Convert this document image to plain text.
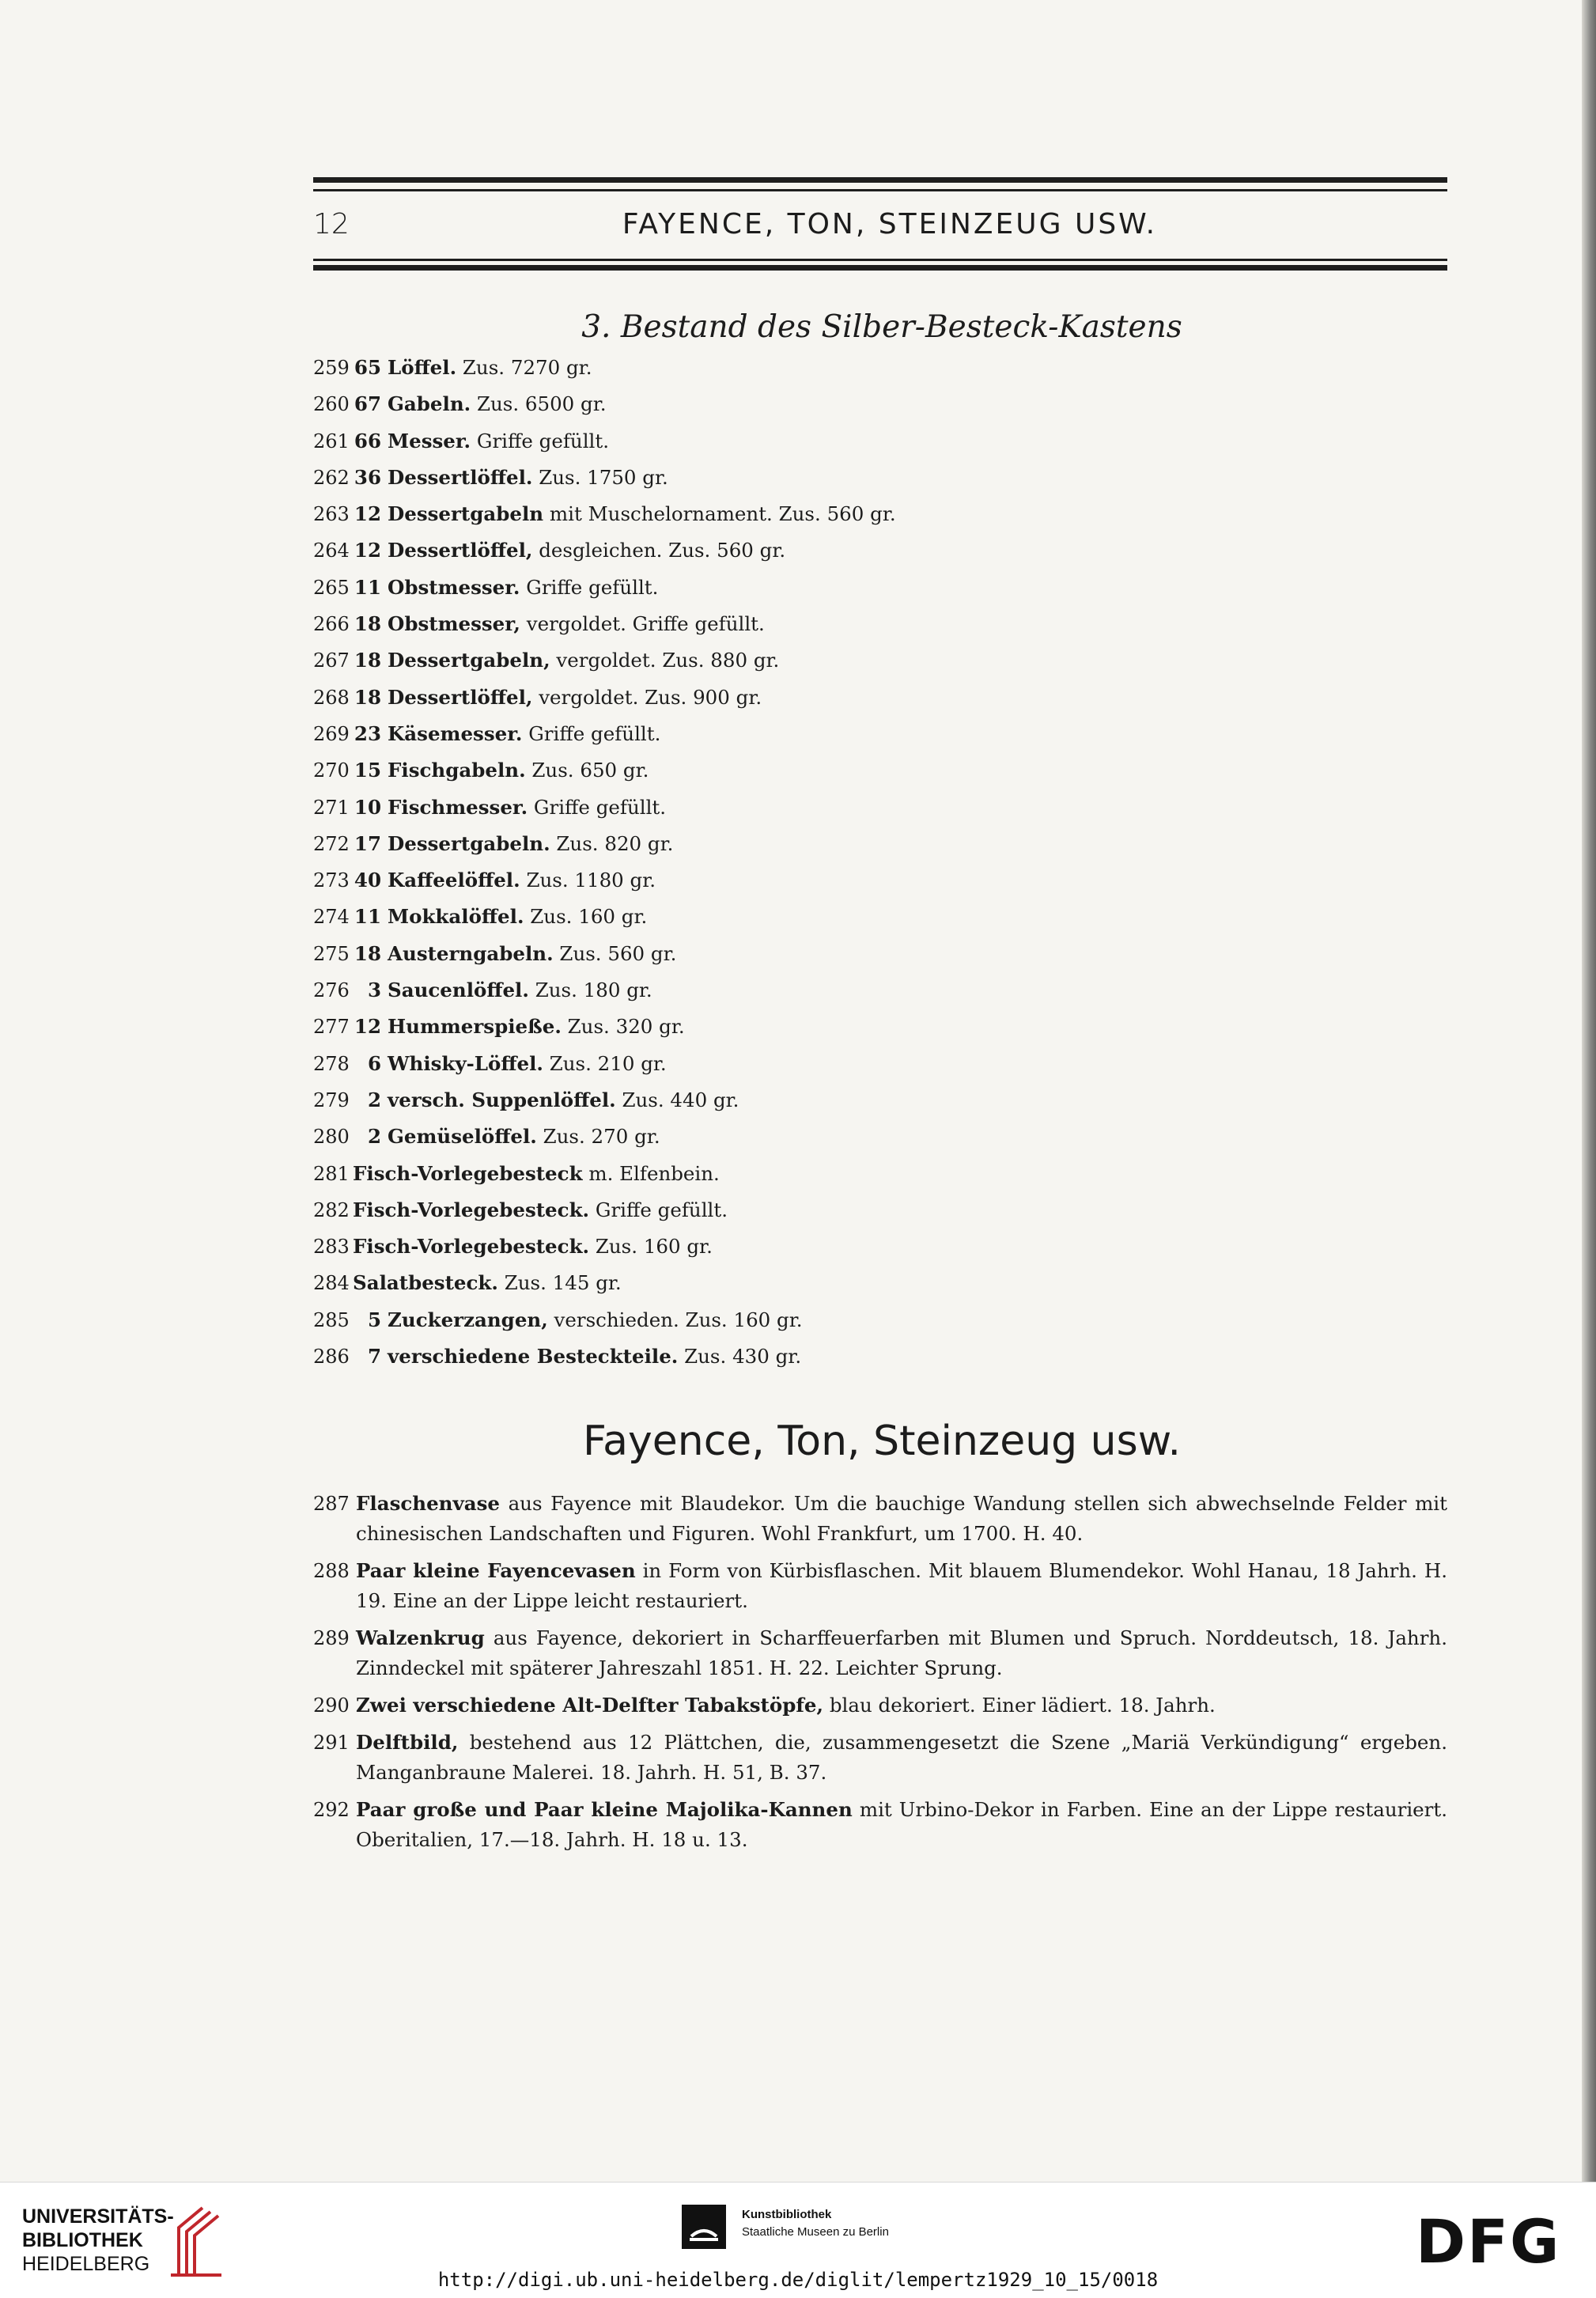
12	FAYENCE, TON, STEINZEUG USW.
3. Bestand des Silber-Besteck-Kastens
259 65 Löffel. Zus. 7270 gr.
260 67 Gabeln. Zus. 6500 gr.
261 66 Messer. Griffe gefüllt.
262 36 Dessertlöffel. Zus. 1750 gr.
263 12 Dessertgabeln mit Muschelornament. Zus. 560 gr.
264 12 Dessertlöffel, desgleichen. Zus. 560 gr.
265 11 Obstmesser. Griffe gefüllt.
266 18 Obstmesser, vergoldet. Griffe gefüllt.
267 18 Dessertgabeln, vergoldet. Zus. 880 gr.
268 18 Dessertlöffel, vergoldet. Zus. 900 gr.
269 23 Käsemesser. Griffe gefüllt.
270 15 Fischgabeln. Zus. 650 gr.
271 10 Fischmesser. Griffe gefüllt.
272 17 Dessertgabeln. Zus. 820 gr.
273 40 Kaffeelöffel. Zus. 1180 gr.
274 11 Mokkalöffel. Zus. 160 gr.
275 18 Austerngabeln. Zus. 560 gr.
276 3 Saucenlöffel. Zus. 180 gr.
277 12 Hummerspieße. Zus. 320 gr.
278 6 Whisky-Löffel. Zus. 210 gr.
279 2 versch. Suppenlöffel. Zus. 440 gr.
280 2 Gemüselöffel. Zus. 270 gr.
281 Fisch-Vorlegebesteck m. Elfenbein.
282 Fisch-Vorlegebesteck. Griffe gefüllt.
283 Fisch-Vorlegebesteck. Zus. 160 gr.
284 Salatbesteck. Zus. 145 gr.
285 5 Zuckerzangen, verschieden. Zus. 160 gr.
286 7 verschiedene Besteckteile. Zus. 430 gr.
Fayence, Ton, Steinzeug usw.
287 Flaschenvase aus Fayence mit Blaudekor. Um die bauchige Wandung stellen sich abwechselnde Felder mit chinesischen Landschaften und Figuren. Wohl Frankfurt, um 1700. H. 40.
288 Paar kleine Fayencevasen in Form von Kürbisflaschen. Mit blauem Blumendekor. Wohl Hanau, 18 Jahrh. H. 19. Eine an der Lippe leicht restauriert.
289 Walzenkrug aus Fayence, dekoriert in Scharffeuerfarben mit Blumen und Spruch. Norddeutsch, 18. Jahrh. Zinndeckel mit späterer Jahreszahl 1851. H. 22. Leichter Sprung.
290 Zwei verschiedene Alt-Delfter Tabakstöpfe, blau dekoriert. Einer lädiert. 18. Jahrh.
291 Delftbild, bestehend aus 12 Plättchen, die, zusammengesetzt die Szene „Mariä Verkündigung“ ergeben. Manganbraune Malerei. 18. Jahrh. H. 51, B. 37.
292 Paar große und Paar kleine Majolika-Kannen mit Urbino-Dekor in Farben. Eine an der Lippe restauriert. Oberitalien, 17.—18. Jahrh. H. 18 u. 13.
UNIVERSITÄTS-
BIBLIOTHEK
HEIDELBERG
Kunstbibliothek
Staatliche Museen zu Berlin	DFG
http://digi.ub.uni-heidelberg.de/diglit/lempertz1929_10_15/0018
